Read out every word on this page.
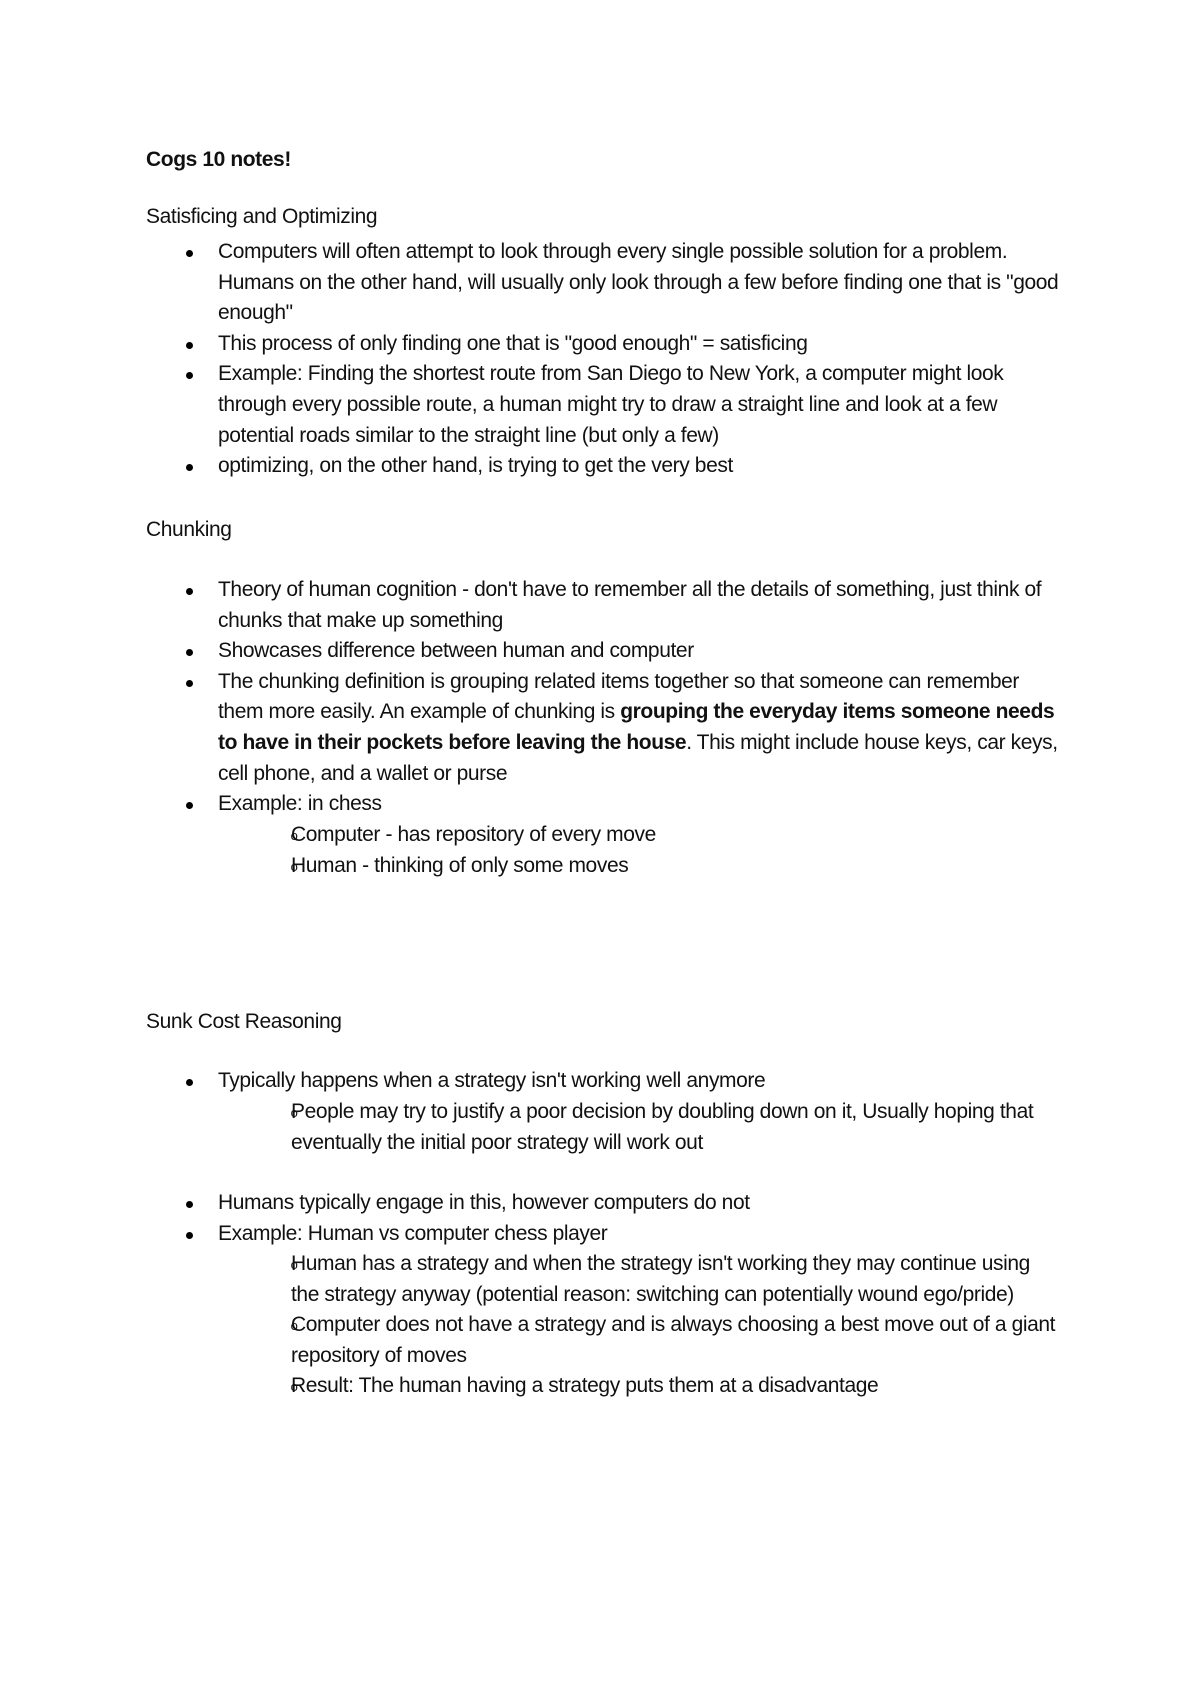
Cogs 10 notes!
Satisficing and Optimizing
Computers will often attempt to look through every single possible solution for a problem. Humans on the other hand, will usually only look through a few before finding one that is "good enough"
This process of only finding one that is "good enough" = satisficing
Example: Finding the shortest route from San Diego to New York, a computer might look through every possible route, a human might try to draw a straight line and look at a few potential roads similar to the straight line (but only a few)
optimizing, on the other hand, is trying to get the very best
Chunking
Theory of human cognition - don't have to remember all the details of something, just think of chunks that make up something
Showcases difference between human and computer
The chunking definition is grouping related items together so that someone can remember them more easily. An example of chunking is grouping the everyday items someone needs to have in their pockets before leaving the house. This might include house keys, car keys, cell phone, and a wallet or purse
Example: in chess
o Computer - has repository of every move
o Human - thinking of only some moves
Sunk Cost Reasoning
Typically happens when a strategy isn't working well anymore
o People may try to justify a poor decision by doubling down on it, Usually hoping that eventually the initial poor strategy will work out
Humans typically engage in this, however computers do not
Example: Human vs computer chess player
o Human has a strategy and when the strategy isn't working they may continue using the strategy anyway (potential reason: switching can potentially wound ego/pride)
o Computer does not have a strategy and is always choosing a best move out of a giant repository of moves
o Result: The human having a strategy puts them at a disadvantage
